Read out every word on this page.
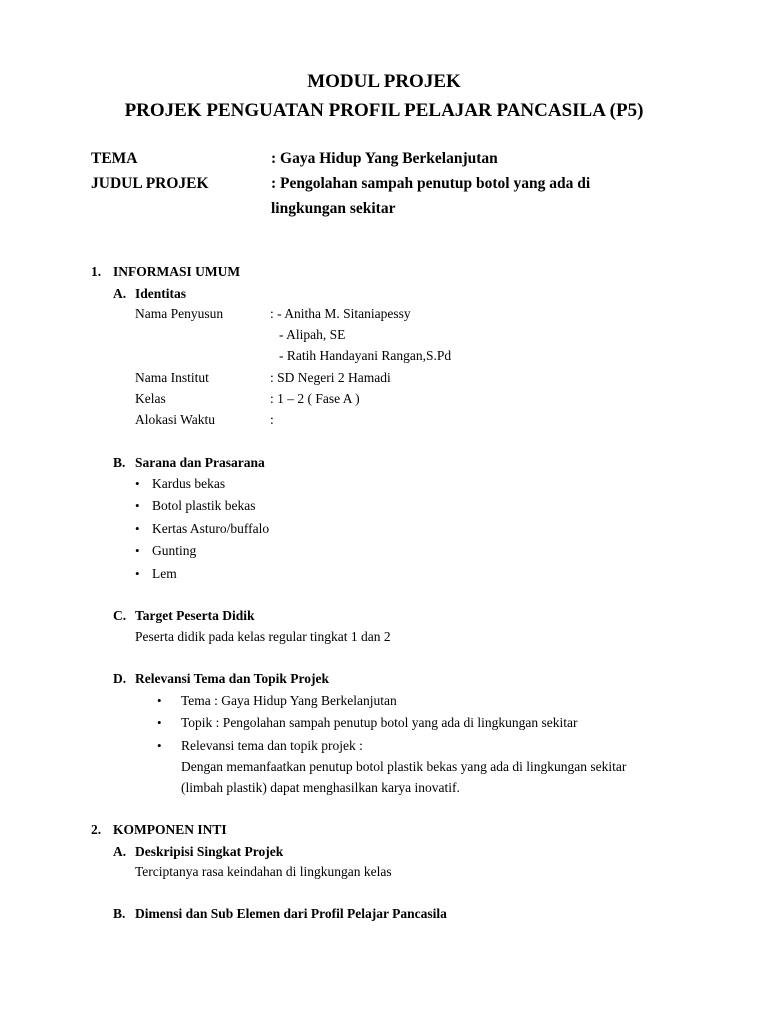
MODUL PROJEK
PROJEK PENGUATAN PROFIL PELAJAR PANCASILA (P5)
TEMA	: Gaya Hidup Yang Berkelanjutan
JUDUL PROJEK	: Pengolahan sampah penutup botol yang ada di
lingkungan sekitar
1. INFORMASI UMUM
A. Identitas
Nama Penyusun	: - Anitha M. Sitaniapessy
- Alipah, SE
- Ratih Handayani Rangan,S.Pd
Nama Institut	: SD Negeri 2 Hamadi
Kelas	: 1 – 2 ( Fase A )
Alokasi Waktu	:
B. Sarana dan Prasarana
• Kardus bekas
• Botol plastik bekas
• Kertas Asturo/buffalo
• Gunting
• Lem
C. Target Peserta Didik
Peserta didik pada kelas regular tingkat 1 dan 2
D. Relevansi Tema dan Topik Projek
• Tema : Gaya Hidup Yang Berkelanjutan
• Topik : Pengolahan sampah penutup botol yang ada di lingkungan sekitar
• Relevansi tema dan topik projek :
Dengan memanfaatkan penutup botol plastik bekas yang ada di lingkungan sekitar
(limbah plastik) dapat menghasilkan karya inovatif.
2. KOMPONEN INTI
A. Deskripisi Singkat Projek
Terciptanya rasa keindahan di lingkungan kelas
B. Dimensi dan Sub Elemen dari Profil Pelajar Pancasila
